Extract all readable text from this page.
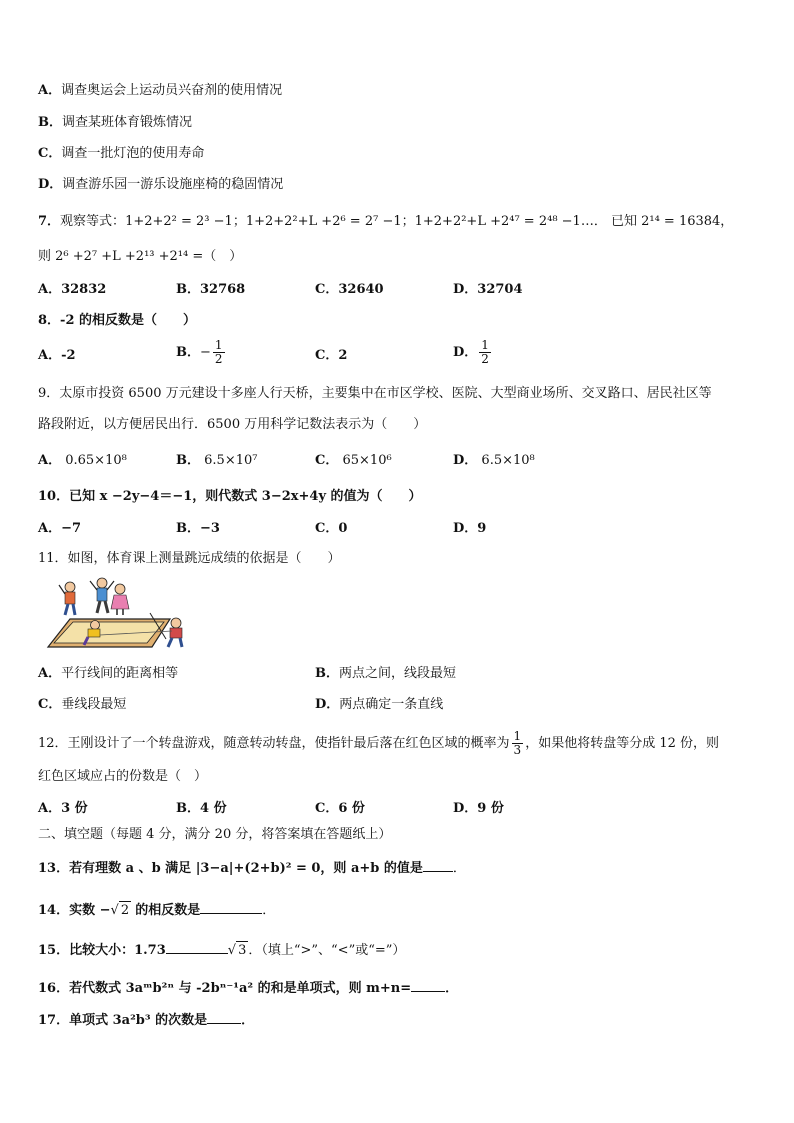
A．调查奥运会上运动员兴奋剂的使用情况
B．调查某班体育锻炼情况
C．调查一批灯泡的使用寿命
D．调查游乐园一游乐设施座椅的稳固情况
7．观察等式：1+2+2² = 2³ −1；1+2+2²+L +2⁶ = 2⁷ −1；1+2+2²+L +2⁴⁷ = 2⁴⁸ −1…． 已知 2¹⁴ = 16384，
则 2⁶ +2⁷ +L +2¹³ +2¹⁴ =（　）
A．32832	B．32768	C．32640	D．32704
8．-2 的相反数是（　　）
A．-2	B．− $\frac{1}{2}$	C．2	D． $\frac{1}{2}$
9．太原市投资 6500 万元建设十多座人行天桥，主要集中在市区学校、医院、大型商业场所、交叉路口、居民社区等
路段附近，以方便居民出行．6500 万用科学记数法表示为（　　）
A． 0.65×10⁸	B． 6.5×10⁷	C． 65×10⁶	D． 6.5×10⁸
10．已知 x −2y−4＝−1，则代数式 3−2x+4y 的值为（　　）
A．−7	B．−3	C．0	D．9
11．如图，体育课上测量跳远成绩的依据是（　　）
A．平行线间的距离相等	B．两点之间，线段最短
C．垂线段最短	D．两点确定一条直线
12．王刚设计了一个转盘游戏，随意转动转盘，使指针最后落在红色区域的概率为 $\frac{1}{3}$ ，如果他将转盘等分成 12 份，则
红色区域应占的份数是（　）
A．3 份	B．4 份	C．6 份	D．9 份
二、填空题（每题 4 分，满分 20 分，将答案填在答题纸上）
13．若有理数 a 、b 满足 |3−a|+(2+b)² = 0，则 a+b 的值是 ．
14．实数 −√ 2 的相反数是	．
15．比较大小：1.73	√ 3 ．（填上“>”、“<”或“=”）
16．若代数式 3aᵐb²ⁿ 与 -2bⁿ⁻¹a² 的和是单项式，则 m+n=	．
17．单项式 3a²b³ 的次数是	．
